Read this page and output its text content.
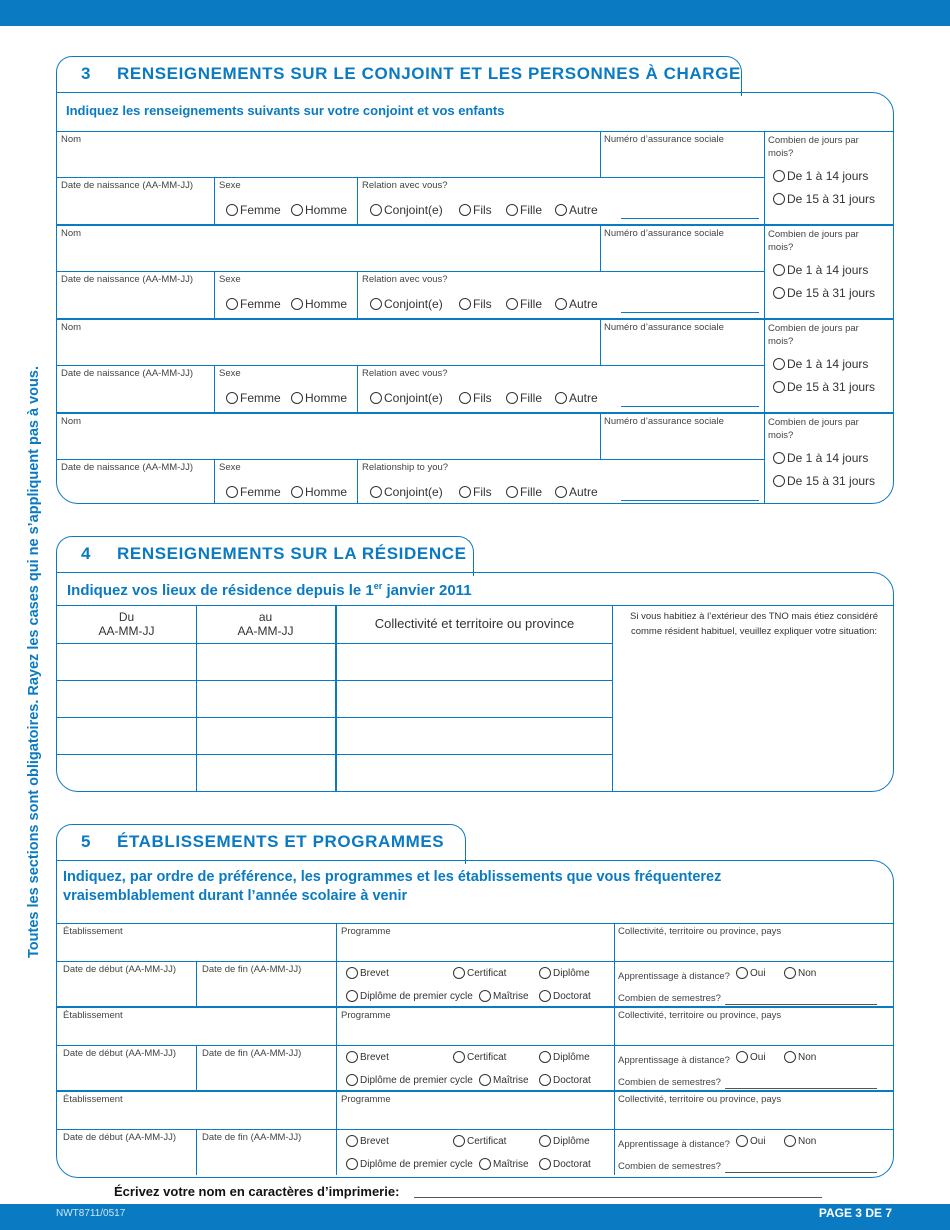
Toutes les sections sont obligatoires. Rayez les cases qui ne s’appliquent pas à vous.
3 RENSEIGNEMENTS SUR LE CONJOINT ET LES PERSONNES À CHARGE
Indiquez les renseignements suivants sur votre conjoint et vos enfants
Nom	Numéro d’assurance sociale	Combien de jours par mois?
Date de naissance (AA-MM-JJ)	Sexe	Relation avec vous?
Femme Homme	Conjoint(e)	Fils Fille Autre
De 1 à 14 jours
De 15 à 31 jours
Nom	Numéro d’assurance sociale	Combien de jours par mois?
Date de naissance (AA-MM-JJ)	Sexe	Relation avec vous?
Femme Homme	Conjoint(e)	Fils Fille Autre
De 1 à 14 jours
De 15 à 31 jours
Nom	Numéro d’assurance sociale	Combien de jours par mois?
Date de naissance (AA-MM-JJ)	Sexe	Relation avec vous?
Femme Homme	Conjoint(e)	Fils Fille Autre
De 1 à 14 jours
De 15 à 31 jours
Nom	Numéro d’assurance sociale	Combien de jours par mois?
Date de naissance (AA-MM-JJ)	Sexe	Relationship to you?
Femme Homme	Conjoint(e)	Fils Fille Autre
De 1 à 14 jours
De 15 à 31 jours
4 RENSEIGNEMENTS SUR LA RÉSIDENCE
Indiquez vos lieux de résidence depuis le 1er janvier 2011
Du
AA-MM-JJ
au
AA-MM-JJ	Collectivité et territoire ou province	Si vous habitiez à l’extérieur des TNO mais étiez considéré
comme résident habituel, veuillez expliquer votre situation:
5 ÉTABLISSEMENTS ET PROGRAMMES
Indiquez, par ordre de préférence, les programmes et les établissements que vous fréquenterez
vraisemblablement durant l’année scolaire à venir
Établissement	Programme	Collectivité, territoire ou province, pays
Date de début (AA-MM-JJ)	Date de fin (AA-MM-JJ)	Brevet	Certificat	Diplôme
Diplôme de premier cycle Maîtrise Doctorat
Apprentissage à distance? Oui	Non
Combien de semestres?
Établissement	Programme	Collectivité, territoire ou province, pays
Date de début (AA-MM-JJ)	Date de fin (AA-MM-JJ)	Brevet	Certificat	Diplôme
Diplôme de premier cycle Maîtrise Doctorat
Apprentissage à distance? Oui	Non
Combien de semestres?
Établissement	Programme	Collectivité, territoire ou province, pays
Date de début (AA-MM-JJ)	Date de fin (AA-MM-JJ)	Brevet	Certificat	Diplôme
Diplôme de premier cycle Maîtrise Doctorat
Apprentissage à distance? Oui	Non
Combien de semestres?
Écrivez votre nom en caractères d’imprimerie:
NWT8711/0517	PAGE 3 DE 7
